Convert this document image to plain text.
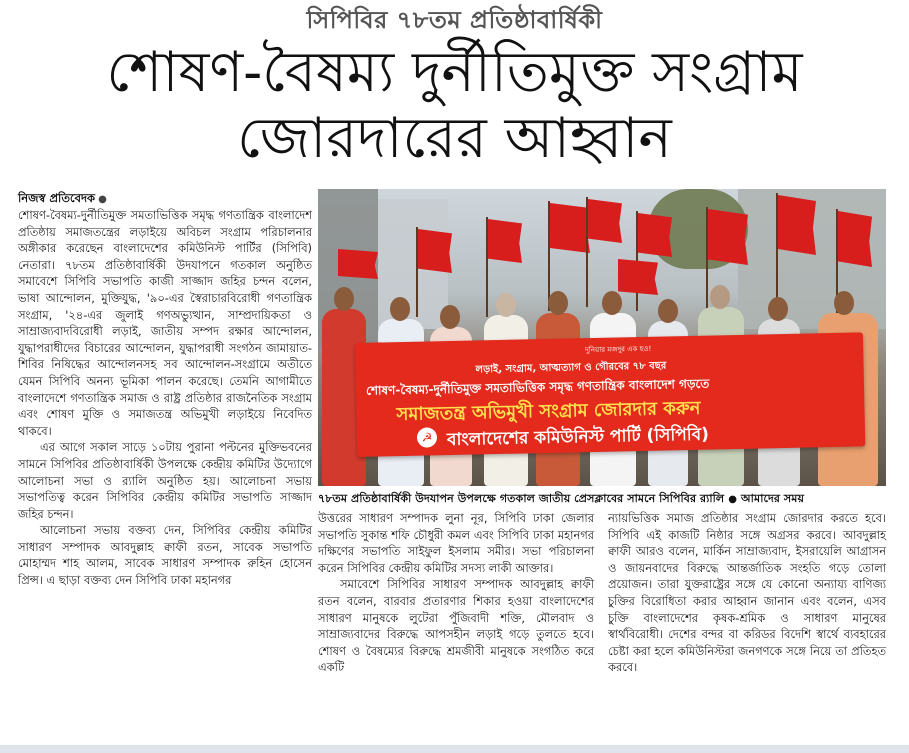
সিপিবির ৭৮তম প্রতিষ্ঠাবার্ষিকী
শোষণ-বৈষম্য দুর্নীতিমুক্ত সংগ্রাম
জোরদারের আহ্বান
নিজস্ব প্রতিবেদক ●

শোষণ-বৈষম্য-দুর্নীতিমুক্ত সমতাভিত্তিক সমৃদ্ধ গণতান্ত্রিক বাংলাদেশ প্রতিষ্ঠায় সমাজতন্ত্রের লড়াইয়ে অবিচল সংগ্রাম পরিচালনার অঙ্গীকার করেছেন বাংলাদেশের কমিউনিস্ট পার্টির (সিপিবি) নেতারা। ৭৮তম প্রতিষ্ঠাবার্ষিকী উদযাপনে গতকাল অনুষ্ঠিত সমাবেশে সিপিবি সভাপতি কাজী সাজ্জাদ জহির চন্দন বলেন, ভাষা আন্দোলন, মুক্তিযুদ্ধ, '৯০-এর স্বৈরাচারবিরোধী গণতান্ত্রিক সংগ্রাম, '২৪-এর জুলাই গণঅভ্যুত্থান, সাম্প্রদায়িকতা ও সাম্রাজ্যবাদবিরোধী লড়াই, জাতীয় সম্পদ রক্ষার আন্দোলন, যুদ্ধাপরাধীদের বিচারের আন্দোলন, যুদ্ধাপরাধী সংগঠন জামায়াত-শিবির নিষিদ্ধের আন্দোলনসহ সব আন্দোলন-সংগ্রামে অতীতে যেমন সিপিবি অনন্য ভূমিকা পালন করেছে। তেমনি আগামীতে বাংলাদেশে গণতান্ত্রিক সমাজ ও রাষ্ট্র প্রতিষ্ঠার রাজনৈতিক সংগ্রাম এবং শোষণ মুক্তি ও সমাজতন্ত্র অভিমুখী লড়াইয়ে নিবেদিত থাকবে।

এর আগে সকাল সাড়ে ১০টায় পুরানা পল্টনের মুক্তিভবনের সামনে সিপিবির প্রতিষ্ঠাবার্ষিকী উপলক্ষে কেন্দ্রীয় কমিটির উদ্যোগে আলোচনা সভা ও র‍্যালি অনুষ্ঠিত হয়। আলোচনা সভায় সভাপতিত্ব করেন সিপিবির কেন্দ্রীয় কমিটির সভাপতি সাজ্জাদ জহির চন্দন।

আলোচনা সভায় বক্তব্য দেন, সিপিবির কেন্দ্রীয় কমিটির সাধারণ সম্পাদক আবদুল্লাহ ক্বাফী রতন, সাবেক সভাপতি মোহাম্মদ শাহ আলম, সাবেক সাধারণ সম্পাদক রুহিন হোসেন প্রিন্স। এ ছাড়া বক্তব্য দেন সিপিবি ঢাকা মহানগর

দুনিয়ার মজদুর এক হও!
লড়াই, সংগ্রাম, আত্মত্যাগ ও গৌরবের ৭৮ বছর
শোষণ-বৈষম্য-দুর্নীতিমুক্ত সমতাভিত্তিক সমৃদ্ধ গণতান্ত্রিক বাংলাদেশ গড়তে
সমাজতন্ত্র অভিমুখী সংগ্রাম জোরদার করুন
☭ বাংলাদেশের কমিউনিস্ট পার্টি (সিপিবি)
৭৮তম প্রতিষ্ঠাবার্ষিকী উদযাপন উপলক্ষে গতকাল জাতীয় প্রেসক্লাবের সামনে সিপিবির র‍্যালি ● আমাদের সময়

উত্তরের সাধারণ সম্পাদক লুনা নূর, সিপিবি ঢাকা জেলার সভাপতি সুকান্ত শফি চৌধুরী কমল এবং সিপিবি ঢাকা মহানগর দক্ষিণের সভাপতি সাইফুল ইসলাম সমীর। সভা পরিচালনা করেন সিপিবির কেন্দ্রীয় কমিটির সদস্য লাকী আক্তার।

সমাবেশে সিপিবির সাধারণ সম্পাদক আবদুল্লাহ ক্বাফী রতন বলেন, বারবার প্রতারণার শিকার হওয়া বাংলাদেশের সাধারণ মানুষকে লুটেরা পুঁজিবাদী শক্তি, মৌলবাদ ও সাম্রাজ্যবাদের বিরুদ্ধে আপসহীন লড়াই গড়ে তুলতে হবে। শোষণ ও বৈষম্যের বিরুদ্ধে শ্রমজীবী মানুষকে সংগঠিত করে একটি

ন্যায়ভিত্তিক সমাজ প্রতিষ্ঠার সংগ্রাম জোরদার করতে হবে। সিপিবি এই কাজটি নিষ্ঠার সঙ্গে অগ্রসর করবে। আবদুল্লাহ ক্বাফী আরও বলেন, মার্কিন সাম্রাজ্যবাদ, ইসরায়েলি আগ্রাসন ও জায়নবাদের বিরুদ্ধে আন্তর্জাতিক সংহতি গড়ে তোলা প্রয়োজন। তারা যুক্তরাষ্ট্রের সঙ্গে যে কোনো অন্যায্য বাণিজ্য চুক্তির বিরোধিতা করার আহ্বান জানান এবং বলেন, এসব চুক্তি বাংলাদেশের কৃষক-শ্রমিক ও সাধারণ মানুষের স্বার্থবিরোধী। দেশের বন্দর বা করিডর বিদেশি স্বার্থে ব্যবহারের চেষ্টা করা হলে কমিউনিস্টরা জনগণকে সঙ্গে নিয়ে তা প্রতিহত করবে।
